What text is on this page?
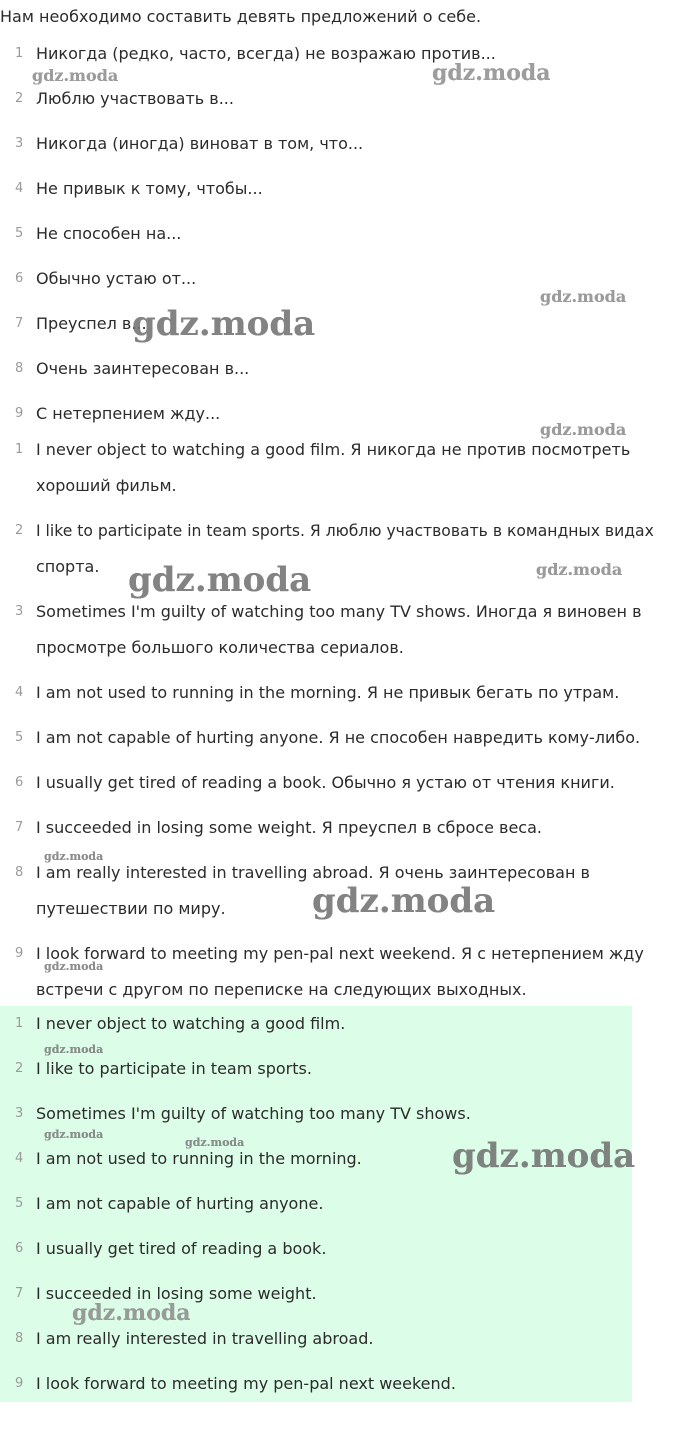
Нам необходимо составить девять предложений о себе.
1 Никогда (редко, часто, всегда) не возражаю против...
2 Люблю участвовать в...
3 Никогда (иногда) виноват в том, что...
4 Не привык к тому, чтобы...
5 Не способен на...
6 Обычно устаю от...
7 Преуспел в...
8 Очень заинтересован в...
9 С нетерпением жду...
1 I never object to watching a good film. Я никогда не против посмотреть
хороший фильм.
2 I like to participate in team sports. Я люблю участвовать в командных видах
спорта.
3 Sometimes I'm guilty of watching too many TV shows. Иногда я виновен в
просмотре большого количества сериалов.
4 I am not used to running in the morning. Я не привык бегать по утрам.
5 I am not capable of hurting anyone. Я не способен навредить кому-либо.
6 I usually get tired of reading a book. Обычно я устаю от чтения книги.
7 I succeeded in losing some weight. Я преуспел в сбросе веса.
8 I am really interested in travelling abroad. Я очень заинтересован в
путешествии по миру.
9 I look forward to meeting my pen-pal next weekend. Я с нетерпением жду
встречи с другом по переписке на следующих выходных.
1 I never object to watching a good film.
2 I like to participate in team sports.
3 Sometimes I'm guilty of watching too many TV shows.
4 I am not used to running in the morning.
5 I am not capable of hurting anyone.
6 I usually get tired of reading a book.
7 I succeeded in losing some weight.
8 I am really interested in travelling abroad.
9 I look forward to meeting my pen-pal next weekend.
gdz.moda	gdz.moda
gdz.moda
gdz.moda
gdz.moda
gdz.moda	gdz.moda
gdz.moda
gdz.moda
gdz.moda
gdz.moda
gdz.moda
gdz.moda	gdz.moda
gdz.moda
